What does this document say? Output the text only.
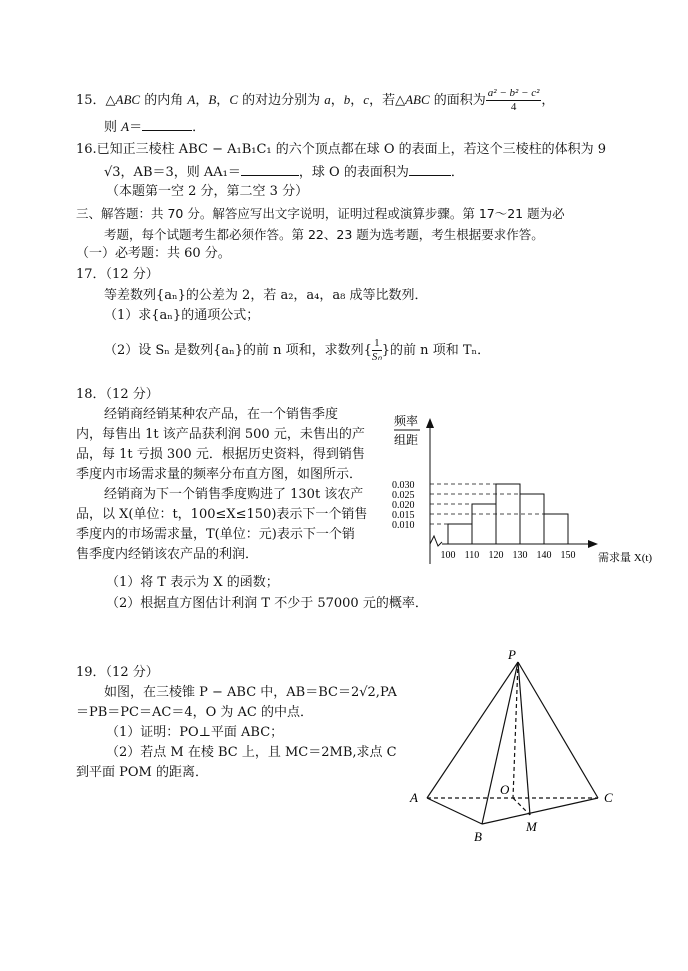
15．△ABC 的内角 A，B，C 的对边分别为 a，b，c，若△ABC 的面积为 $\frac{\text{a² − b² − c²}}{4}$ ，
则 A＝	．
16.已知正三棱柱 ABC − A₁B₁C₁ 的六个顶点都在球 O 的表面上，若这个三棱柱的体积为 9
√3，AB＝3，则 AA₁＝	，球 O 的表面积为	．
（本题第一空 2 分，第二空 3 分）
三、解答题：共 70 分。解答应写出文字说明，证明过程或演算步骤。第 17～21 题为必
考题，每个试题考生都必须作答。第 22、23 题为选考题，考生根据要求作答。
（一）必考题：共 60 分。
17．（12 分）
等差数列{aₙ}的公差为 2，若 a₂，a₄，a₈ 成等比数列．
（1）求{aₙ}的通项公式；
（2）设 Sₙ 是数列{aₙ}的前 n 项和，求数列{ $\frac{1}{\text{Sₙ}}$ }的前 n 项和 Tₙ．
18．（12 分）
经销商经销某种农产品，在一个销售季度
内，每售出 1t 该产品获利润 500 元，未售出的产
品，每 1t 亏损 300 元．根据历史资料，得到销售
季度内市场需求量的频率分布直方图，如图所示．
经销商为下一个销售季度购进了 130t 该农产
品，以 X(单位：t，100≤X≤150)表示下一个销售
季度内的市场需求量，T(单位：元)表示下一个销
售季度内经销该农产品的利润．
（1）将 T 表示为 X 的函数；
（2）根据直方图估计利润 T 不少于 57000 元的概率．
频率
组距
需求量 X(t)
0.030
0.025
0.020
0.015
0.010
100 110 120 130 140 150
19．（12 分）
如图，在三棱锥 P − ABC 中，AB＝BC＝2√2,PA
＝PB＝PC＝AC＝4，O 为 AC 的中点．
（1）证明：PO⊥平面 ABC；
（2）若点 M 在棱 BC 上，且 MC＝2MB,求点 C
到平面 POM 的距离．
P
A
B
C
O
M
